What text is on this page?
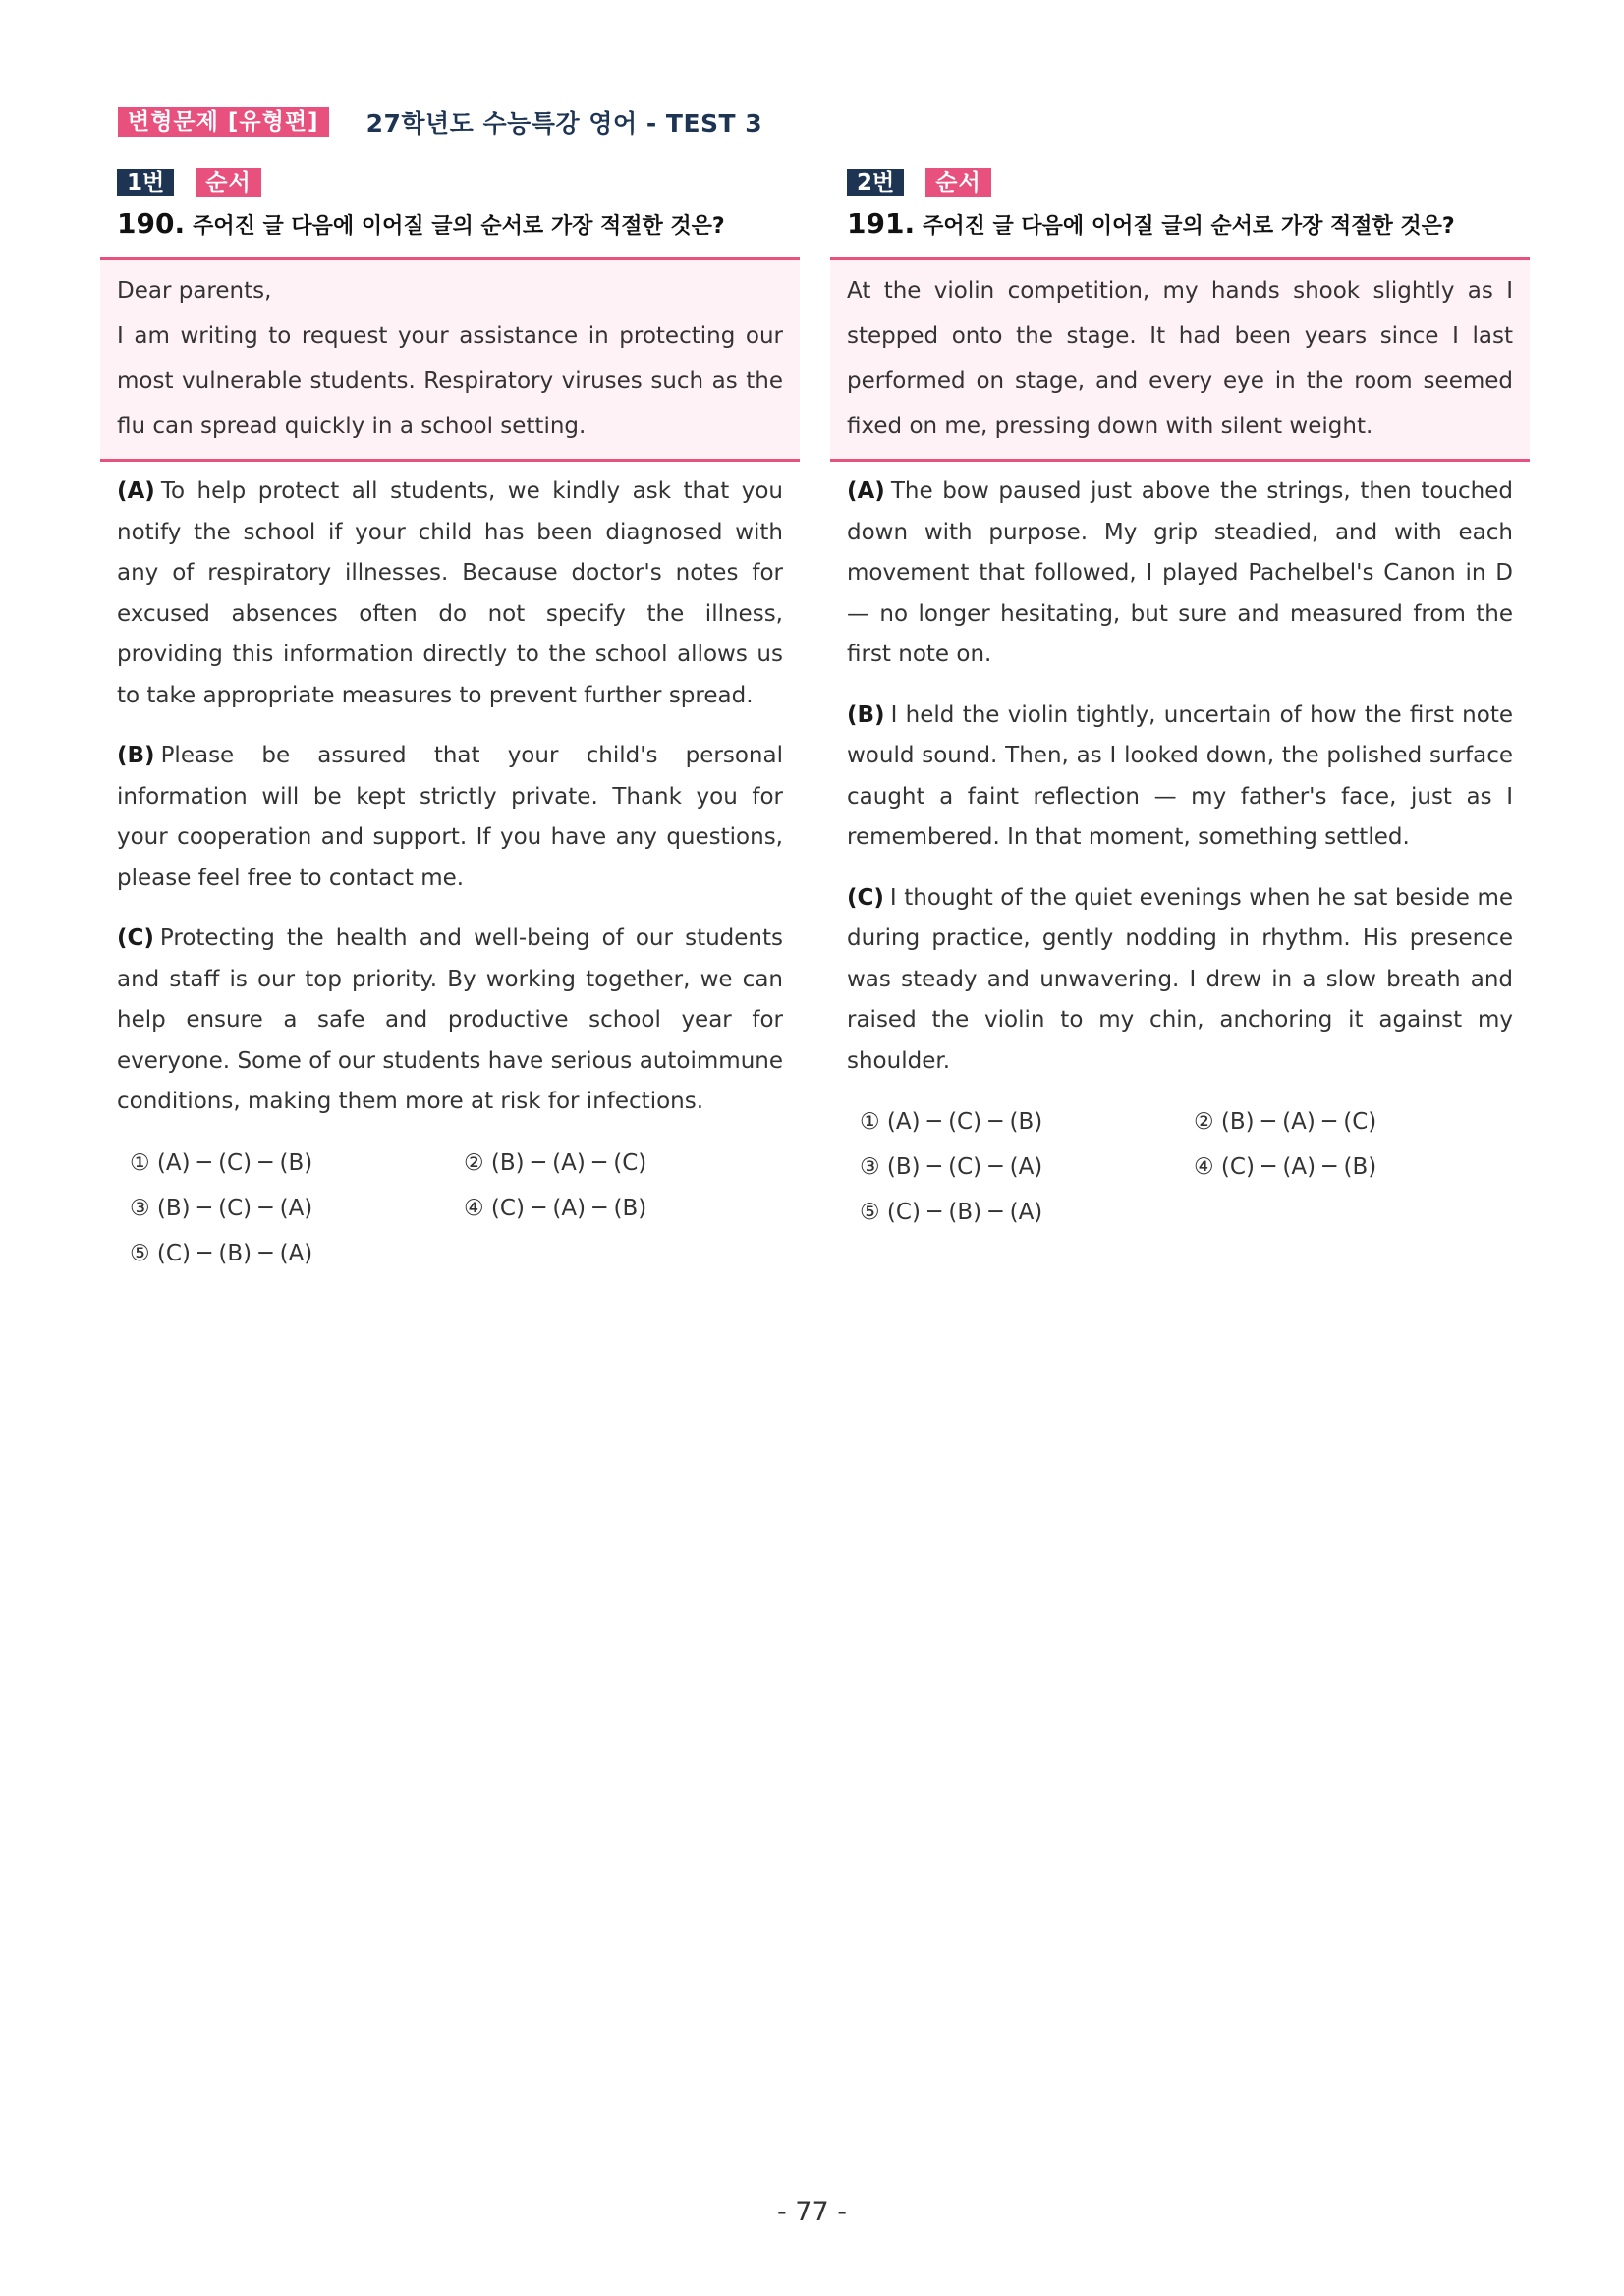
변형문제 [유형편]	27학년도 수능특강 영어 - TEST 3
1번	순서
190. 주어진 글 다음에 이어질 글의 순서로 가장 적절한 것은?

Dear parents,

I am writing to request your assistance in protecting our most vulnerable students. Respiratory viruses such as the flu can spread quickly in a school setting.

(A) To help protect all students, we kindly ask that you notify the school if your child has been diagnosed with any of respiratory illnesses. Because doctor's notes for excused absences often do not specify the illness, providing this information directly to the school allows us to take appropriate measures to prevent further spread.

(B) Please be assured that your child's personal information will be kept strictly private. Thank you for your cooperation and support. If you have any questions, please feel free to contact me.

(C) Protecting the health and well-being of our students and staff is our top priority. By working together, we can help ensure a safe and productive school year for everyone. Some of our students have serious autoimmune conditions, making them more at risk for infections.

① (A) ─ (C) ─ (B)	② (B) ─ (A) ─ (C)
③ (B) ─ (C) ─ (A)	④ (C) ─ (A) ─ (B)
⑤ (C) ─ (B) ─ (A)
2번	순서
191. 주어진 글 다음에 이어질 글의 순서로 가장 적절한 것은?

At the violin competition, my hands shook slightly as I stepped onto the stage. It had been years since I last performed on stage, and every eye in the room seemed fixed on me, pressing down with silent weight.

(A) The bow paused just above the strings, then touched down with purpose. My grip steadied, and with each movement that followed, I played Pachelbel's Canon in D — no longer hesitating, but sure and measured from the first note on.

(B) I held the violin tightly, uncertain of how the first note would sound. Then, as I looked down, the polished surface caught a faint reflection — my father's face, just as I remembered. In that moment, something settled.

(C) I thought of the quiet evenings when he sat beside me during practice, gently nodding in rhythm. His presence was steady and unwavering. I drew in a slow breath and raised the violin to my chin, anchoring it against my shoulder.

① (A) ─ (C) ─ (B)	② (B) ─ (A) ─ (C)
③ (B) ─ (C) ─ (A)	④ (C) ─ (A) ─ (B)
⑤ (C) ─ (B) ─ (A)
- 77 -
